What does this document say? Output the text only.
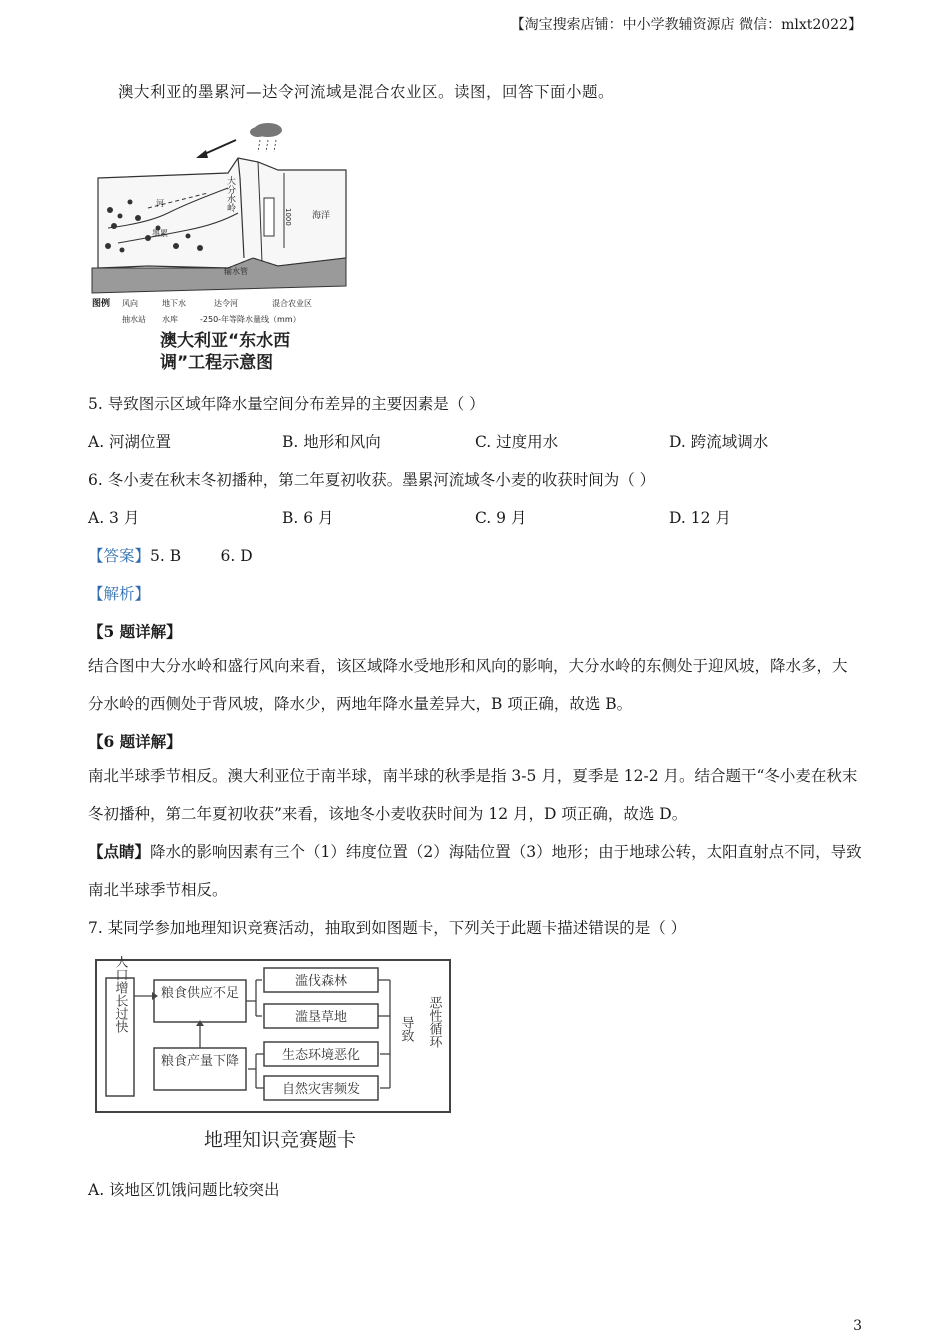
【淘宝搜索店铺：中小学教辅资源店 微信：mlxt2022】
澳大利亚的墨累河—达令河流域是混合农业区。读图，回答下面小题。
大分水岭
海洋
输水管
1000
河
墨累
图例 风向	地下水	达令河	混合农业区
抽水站 水库	-250-年等降水量线（mm）
澳大利亚“东水西
调”工程示意图
5. 导致图示区域年降水量空间分布差异的主要因素是（ ）
A. 河湖位置	B. 地形和风向	C. 过度用水	D. 跨流域调水
6. 冬小麦在秋末冬初播种，第二年夏初收获。墨累河流域冬小麦的收获时间为（ ）
A. 3 月	B. 6 月	C. 9 月	D. 12 月
【答案】5. B        6. D
【解析】
【5 题详解】
结合图中大分水岭和盛行风向来看，该区域降水受地形和风向的影响，大分水岭的东侧处于迎风坡，降水多，大分水岭的西侧处于背风坡，降水少，两地年降水量差异大，B 项正确，故选 B。
【6 题详解】
南北半球季节相反。澳大利亚位于南半球，南半球的秋季是指 3-5 月，夏季是 12-2 月。结合题干“冬小麦在秋末冬初播种，第二年夏初收获”来看，该地冬小麦收获时间为 12 月，D 项正确，故选 D。
【点睛】降水的影响因素有三个（1）纬度位置（2）海陆位置（3）地形；由于地球公转，太阳直射点不同，导致南北半球季节相反。
7. 某同学参加地理知识竞赛活动，抽取到如图题卡，下列关于此题卡描述错误的是（ ）
人口增长过快	粮食供应不足
粮食产量下降
滥伐森林
滥垦草地
生态环境恶化
自然灾害频发
导致 恶性循环
地理知识竞赛题卡
A. 该地区饥饿问题比较突出
3
